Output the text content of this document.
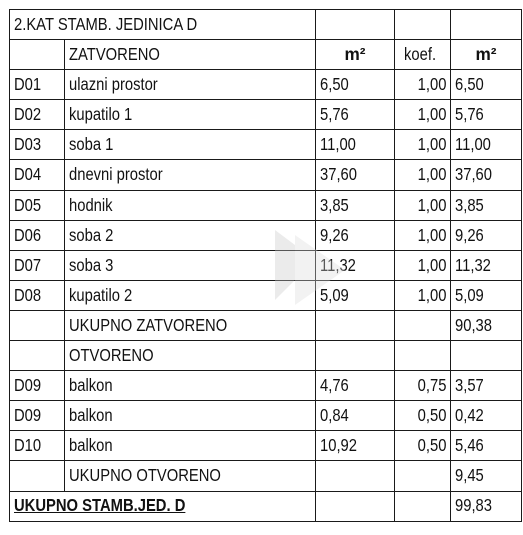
2.KAT STAMB. JEDINICA D				
	ZATVORENO	m²	koef.	m²
D01	ulazni prostor	6,50	1,00	6,50
D02	kupatilo 1	5,76	1,00	5,76
D03	soba 1	11,00	1,00	11,00
D04	dnevni prostor	37,60	1,00	37,60
D05	hodnik	3,85	1,00	3,85
D06	soba 2	9,26	1,00	9,26
D07	soba 3	11,32	1,00	11,32
D08	kupatilo 2	5,09	1,00	5,09
	UKUPNO ZATVORENO			90,38
	OTVORENO			
D09	balkon	4,76	0,75	3,57
D09	balkon	0,84	0,50	0,42
D10	balkon	10,92	0,50	5,46
	UKUPNO OTVORENO			9,45
UKUPNO STAMB.JED. D				99,83
